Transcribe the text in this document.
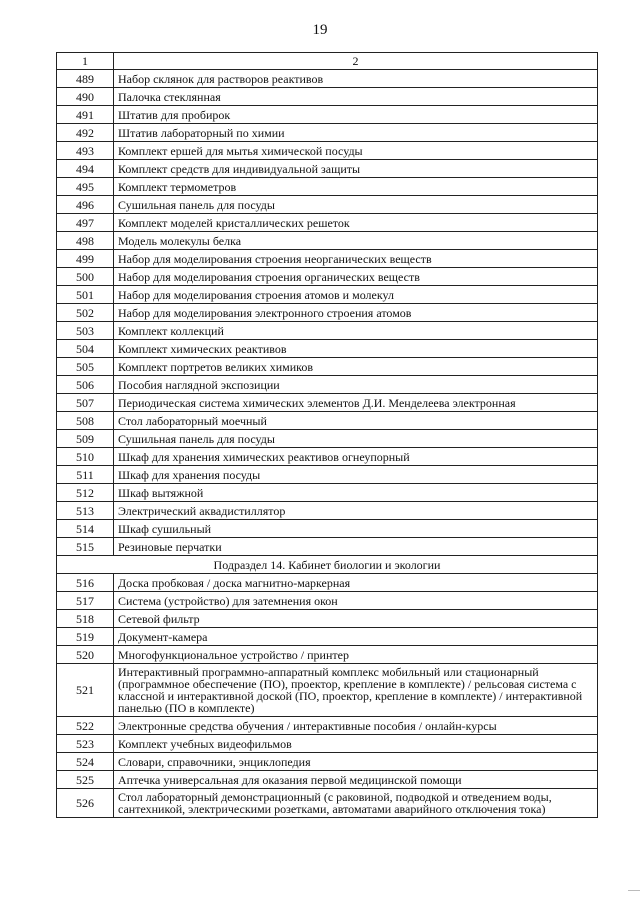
19
1	2
489	Набор склянок для растворов реактивов
490	Палочка стеклянная
491	Штатив для пробирок
492	Штатив лабораторный по химии
493	Комплект ершей для мытья химической посуды
494	Комплект средств для индивидуальной защиты
495	Комплект термометров
496	Сушильная панель для посуды
497	Комплект моделей кристаллических решеток
498	Модель молекулы белка
499	Набор для моделирования строения неорганических веществ
500	Набор для моделирования строения органических веществ
501	Набор для моделирования строения атомов и молекул
502	Набор для моделирования электронного строения атомов
503	Комплект коллекций
504	Комплект химических реактивов
505	Комплект портретов великих химиков
506	Пособия наглядной экспозиции
507	Периодическая система химических элементов Д.И. Менделеева электронная
508	Стол лабораторный моечный
509	Сушильная панель для посуды
510	Шкаф для хранения химических реактивов огнеупорный
511	Шкаф для хранения посуды
512	Шкаф вытяжной
513	Электрический аквадистиллятор
514	Шкаф сушильный
515	Резиновые перчатки
Подраздел 14. Кабинет биологии и экологии	
516	Доска пробковая / доска магнитно-маркерная
517	Система (устройство) для затемнения окон
518	Сетевой фильтр
519	Документ-камера
520	Многофункциональное устройство / принтер
521	Интерактивный программно-аппаратный комплекс мобильный или стационарный (программное обеспечение (ПО), проектор, крепление в комплекте) / рельсовая система с классной и интерактивной доской (ПО, проектор, крепление в комплекте) / интерактивной панелью (ПО в комплекте)
522	Электронные средства обучения / интерактивные пособия / онлайн-курсы
523	Комплект учебных видеофильмов
524	Словари, справочники, энциклопедия
525	Аптечка универсальная для оказания первой медицинской помощи
526	Стол лабораторный демонстрационный (с раковиной, подводкой и отведением воды, сантехникой, электрическими розетками, автоматами аварийного отключения тока)
